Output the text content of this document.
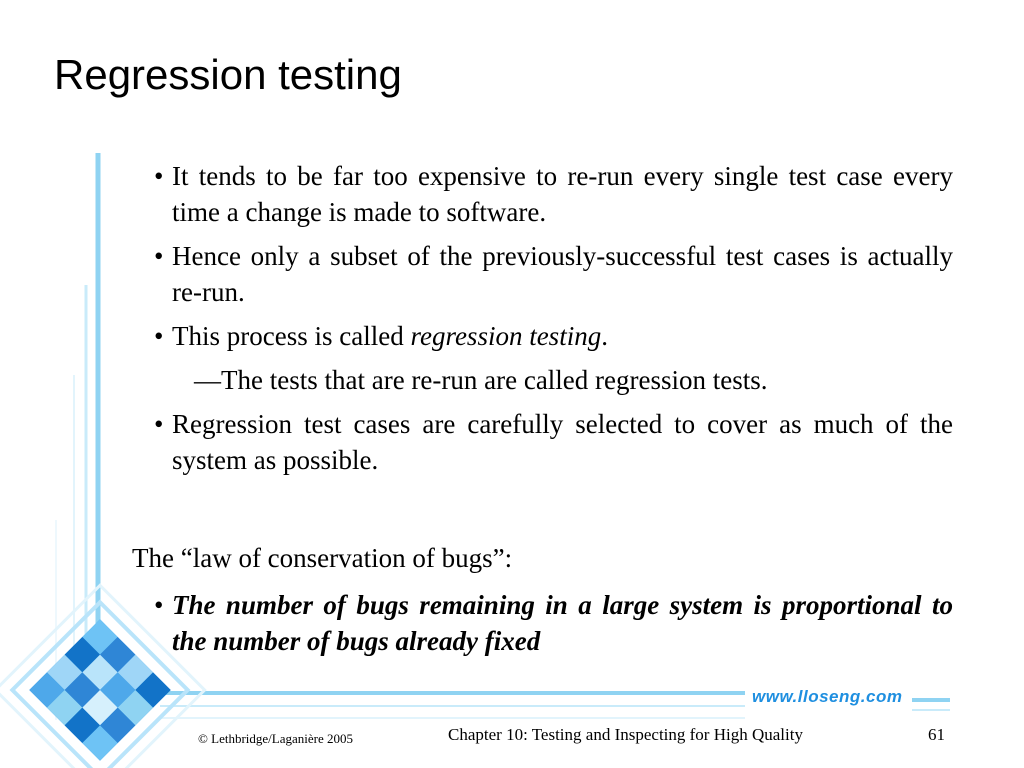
Regression testing
• It tends to be far too expensive to re-run every single test case every time a change is made to software.
• Hence only a subset of the previously-successful test cases is actually re-run.
• This process is called regression testing.
—The tests that are re-run are called regression tests.
• Regression test cases are carefully selected to cover as much of the system as possible.
The “law of conservation of bugs”:
• The number of bugs remaining in a large system is proportional to the number of bugs already fixed
www.lloseng.com
© Lethbridge/Laganière 2005	Chapter 10: Testing and Inspecting for High Quality	61
